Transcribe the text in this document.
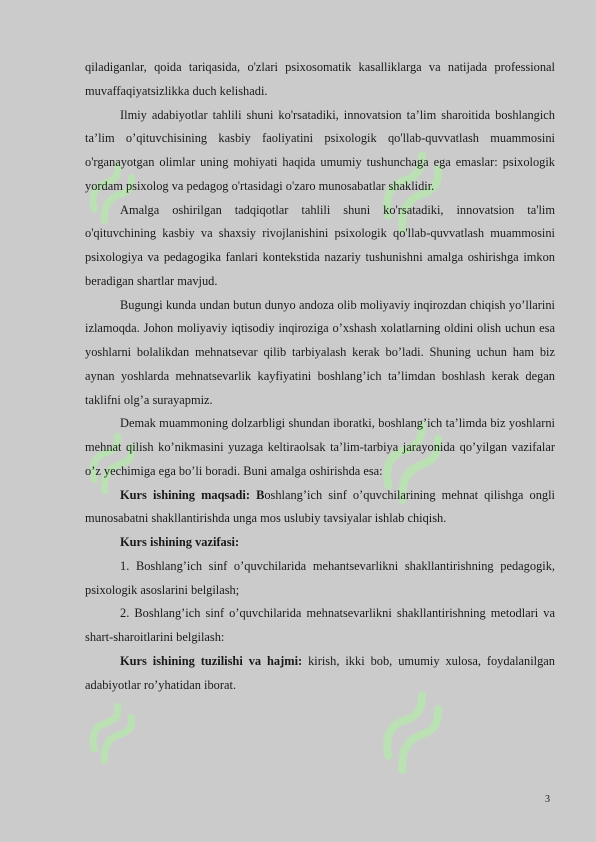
qiladiganlar, qoida tariqasida, o'zlari psixosomatik kasalliklarga va natijada professional muvaffaqiyatsizlikka duch kelishadi.

Ilmiy adabiyotlar tahlili shuni ko'rsatadiki, innovatsion ta’lim sharoitida boshlangich ta’lim o’qituvchisining kasbiy faoliyatini psixologik qo'llab-quvvatlash muammosini o'rganayotgan olimlar uning mohiyati haqida umumiy tushunchaga ega emaslar: psixologik yordam psixolog va pedagog o'rtasidagi o'zaro munosabatlar shaklidir.

Amalga oshirilgan tadqiqotlar tahlili shuni ko'rsatadiki, innovatsion ta'lim o'qituvchining kasbiy va shaxsiy rivojlanishini psixologik qo'llab-quvvatlash muammosini psixologiya va pedagogika fanlari kontekstida nazariy tushunishni amalga oshirishga imkon beradigan shartlar mavjud.

Bugungi kunda undan butun dunyo andoza olib moliyaviy inqirozdan chiqish yo’llarini izlamoqda. Johon moliyaviy iqtisodiy inqiroziga o’xshash xolatlarning oldini olish uchun esa yoshlarni bolalikdan mehnatsevar qilib tarbiyalash kerak bo’ladi. Shuning uchun ham biz aynan yoshlarda mehnatsevarlik kayfiyatini boshlang’ich ta’limdan boshlash kerak degan taklifni olg’a surayapmiz.

Demak muammoning dolzarbligi shundan iboratki, boshlang’ich ta’limda biz yoshlarni mehnat qilish ko’nikmasini yuzaga keltiraolsak ta’lim-tarbiya jarayonida qo’yilgan vazifalar o’z yechimiga ega bo’li boradi. Buni amalga oshirishda esa:

Kurs ishining maqsadi: Boshlang’ich sinf o’quvchilarining mehnat qilishga ongli munosabatni shakllantirishda unga mos uslubiy tavsiyalar ishlab chiqish.

Kurs ishining vazifasi:

1. Boshlang’ich sinf o’quvchilarida mehantsevarlikni shakllantirishning pedagogik, psixologik asoslarini belgilash;

2. Boshlang’ich sinf o’quvchilarida mehnatsevarlikni shakllantirishning metodlari va shart-sharoitlarini belgilash:

Kurs ishining tuzilishi va hajmi: kirish, ikki bob, umumiy xulosa, foydalanilgan adabiyotlar ro’yhatidan iborat.

3
